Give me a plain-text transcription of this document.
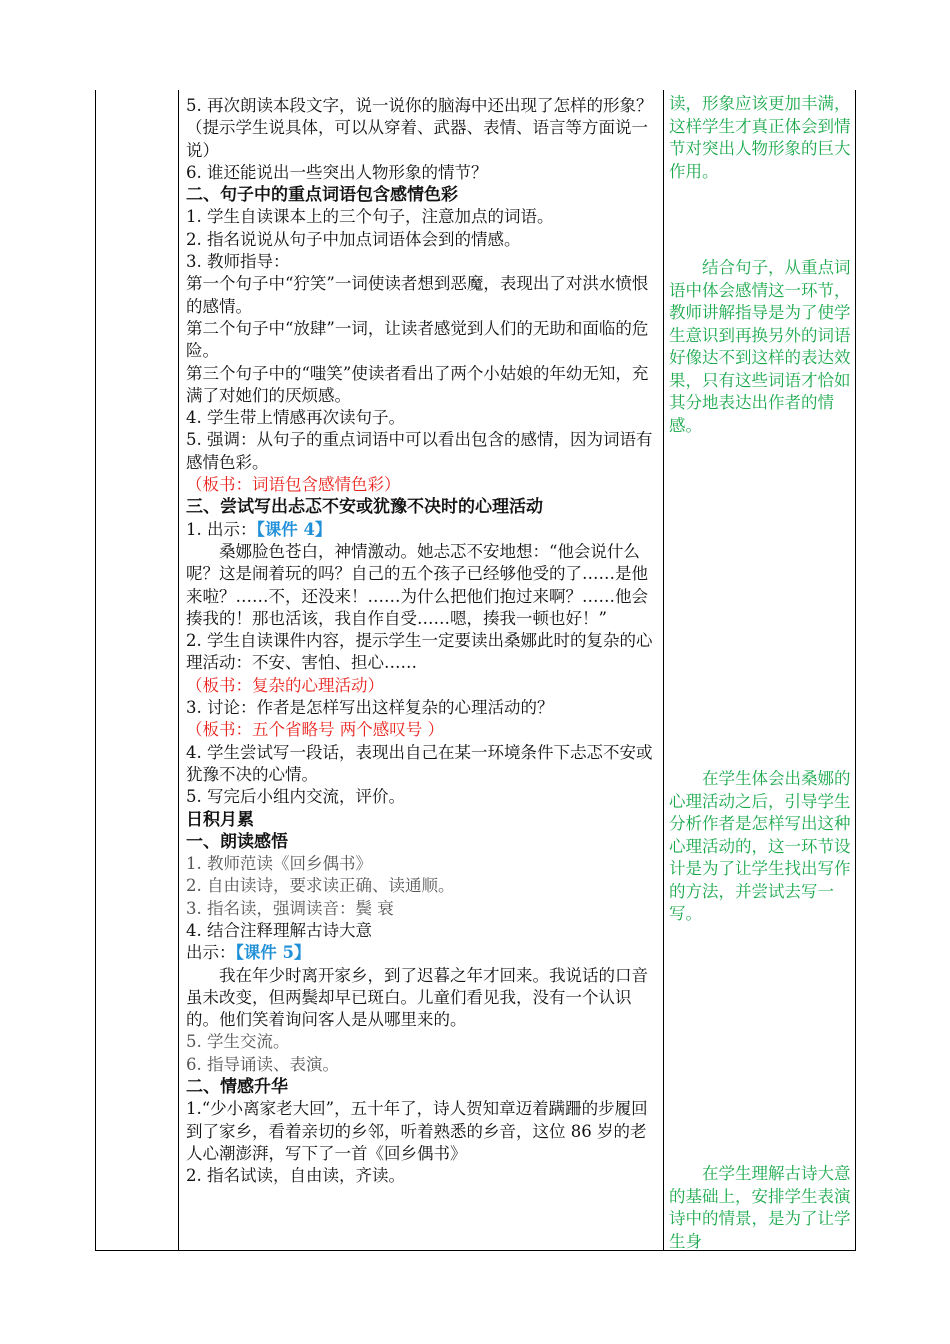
5. 再次朗读本段文字，说一说你的脑海中还出现了怎样的形象？（提示学生说具体，可以从穿着、武器、表情、语言等方面说一说）

6. 谁还能说出一些突出人物形象的情节？

二、句子中的重点词语包含感情色彩

1. 学生自读课本上的三个句子，注意加点的词语。

2. 指名说说从句子中加点词语体会到的情感。

3. 教师指导：

第一个句子中“狞笑”一词使读者想到恶魔，表现出了对洪水愤恨的感情。

第二个句子中“放肆”一词，让读者感觉到人们的无助和面临的危险。

第三个句子中的“嗤笑”使读者看出了两个小姑娘的年幼无知，充满了对她们的厌烦感。

4. 学生带上情感再次读句子。

5. 强调：从句子的重点词语中可以看出包含的感情，因为词语有感情色彩。

（板书：词语包含感情色彩）

三、尝试写出忐忑不安或犹豫不决时的心理活动

1. 出示：【课件 4】

桑娜脸色苍白，神情激动。她忐忑不安地想：“他会说什么呢？这是闹着玩的吗？自己的五个孩子已经够他受的了……是他来啦？……不，还没来！……为什么把他们抱过来啊？……他会揍我的！那也活该，我自作自受……嗯，揍我一顿也好！”

2. 学生自读课件内容，提示学生一定要读出桑娜此时的复杂的心理活动：不安、害怕、担心……

（板书：复杂的心理活动）

3. 讨论：作者是怎样写出这样复杂的心理活动的？

（板书：五个省略号 两个感叹号 ）

4. 学生尝试写一段话，表现出自己在某一环境条件下忐忑不安或犹豫不决的心情。

5. 写完后小组内交流，评价。

日积月累

一、朗读感悟

1. 教师范读《回乡偶书》

2. 自由读诗，要求读正确、读通顺。

3. 指名读，强调读音：鬓 衰

4. 结合注释理解古诗大意

出示：【课件 5】

我在年少时离开家乡，到了迟暮之年才回来。我说话的口音虽未改变，但两鬓却早已斑白。儿童们看见我，没有一个认识的。他们笑着询问客人是从哪里来的。

5. 学生交流。

6. 指导诵读、表演。

二、情感升华

1.“少小离家老大回”，五十年了，诗人贺知章迈着蹒跚的步履回到了家乡，看着亲切的乡邻，听着熟悉的乡音，这位 86 岁的老人心潮澎湃，写下了一首《回乡偶书》

2. 指名试读，自由读，齐读。

读，形象应该更加丰满，这样学生才真正体会到情节对突出人物形象的巨大作用。

结合句子，从重点词语中体会感情这一环节，教师讲解指导是为了使学生意识到再换另外的词语好像达不到这样的表达效果，只有这些词语才恰如其分地表达出作者的情感。

在学生体会出桑娜的心理活动之后，引导学生分析作者是怎样写出这种心理活动的，这一环节设计是为了让学生找出写作的方法，并尝试去写一写。

在学生理解古诗大意的基础上，安排学生表演诗中的情景，是为了让学生身
